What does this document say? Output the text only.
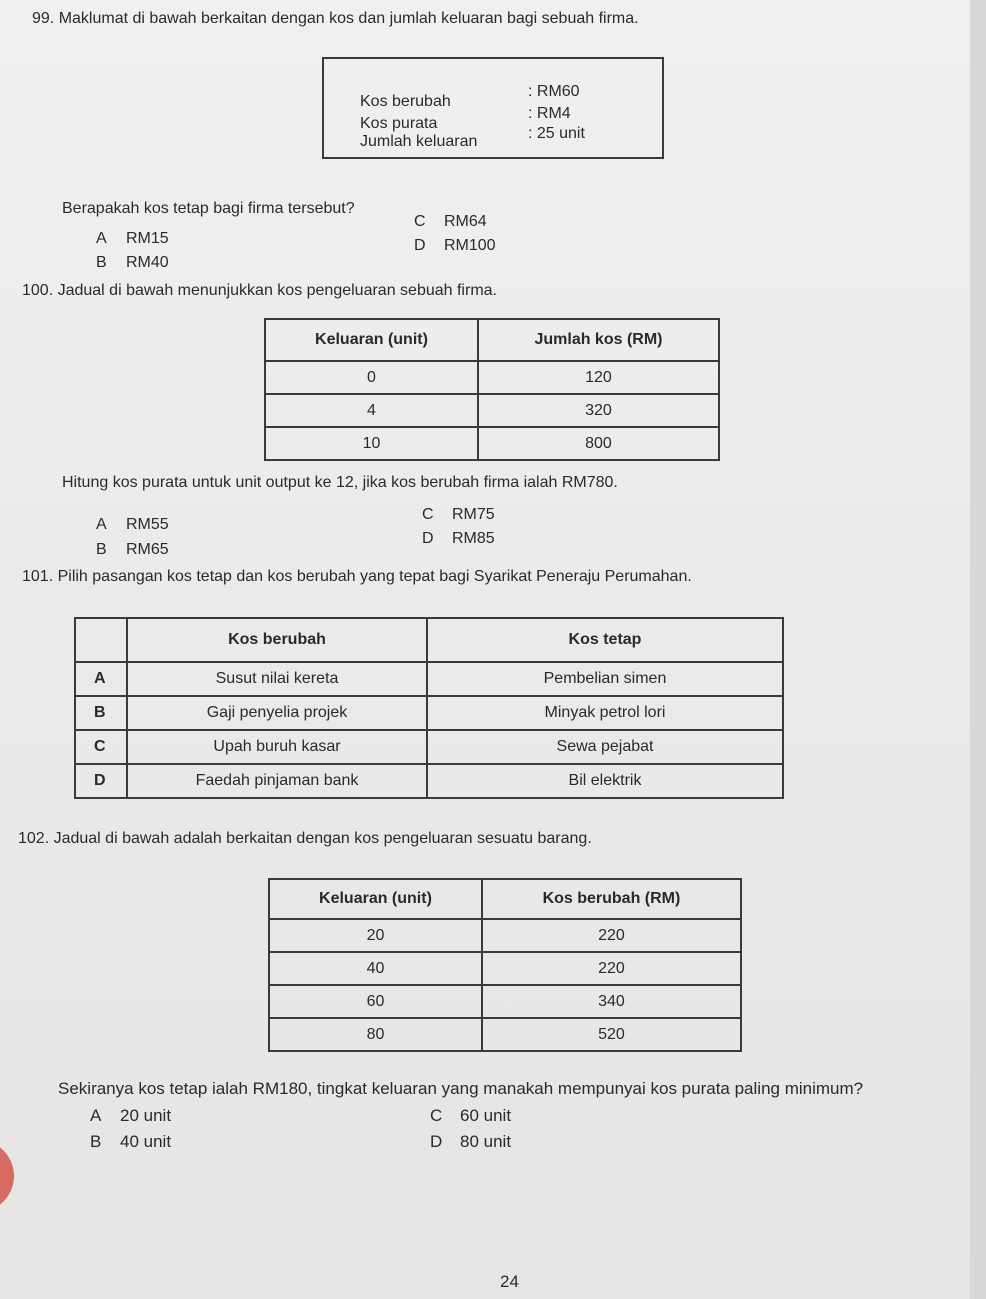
99. Maklumat di bawah berkaitan dengan kos dan jumlah keluaran bagi sebuah firma.
Kos berubah
: RM60
Kos purata
: RM4
Jumlah keluaran	: 25 unit
Berapakah kos tetap bagi firma tersebut?
A RM15
B RM40
C RM64
D RM100
100. Jadual di bawah menunjukkan kos pengeluaran sebuah firma.
Keluaran (unit)	Jumlah kos (RM)
0	120
4	320
10	800
Hitung kos purata untuk unit output ke 12, jika kos berubah firma ialah RM780.
A RM55
B RM65
C RM75
D RM85
101. Pilih pasangan kos tetap dan kos berubah yang tepat bagi Syarikat Peneraju Perumahan.
	Kos berubah	Kos tetap
A	Susut nilai kereta	Pembelian simen
B	Gaji penyelia projek	Minyak petrol lori
C	Upah buruh kasar	Sewa pejabat
D	Faedah pinjaman bank	Bil elektrik
102. Jadual di bawah adalah berkaitan dengan kos pengeluaran sesuatu barang.
Keluaran (unit)	Kos berubah (RM)
20	220
40	220
60	340
80	520
Sekiranya kos tetap ialah RM180, tingkat keluaran yang manakah mempunyai kos purata paling minimum?
A 20 unit
B 40 unit
C 60 unit
D 80 unit
24
